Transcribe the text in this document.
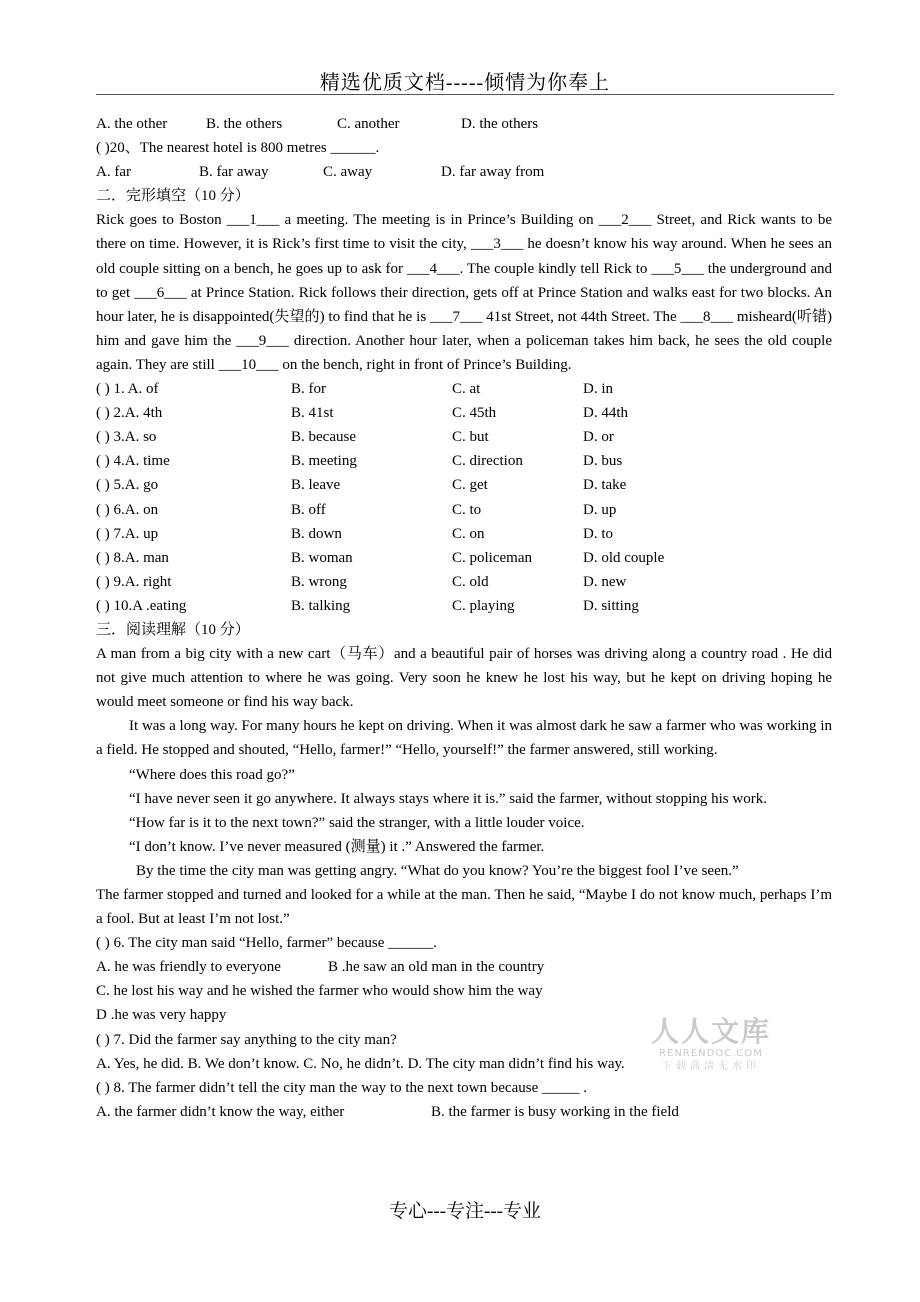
精选优质文档-----倾情为你奉上
A. the other	B. the others	C. another	D. the others
( )20、The nearest hotel is 800 metres ______.
A. far	B. far away	C. away	D. far away from
二．完形填空（10 分）

Rick goes to Boston ___1___ a meeting. The meeting is in Prince’s Building on ___2___ Street, and Rick wants to be there on time. However, it is Rick’s first time to visit the city, ___3___ he doesn’t know his way around. When he sees an old couple sitting on a bench, he goes up to ask for ___4___. The couple kindly tell Rick to ___5___ the underground and to get ___6___ at Prince Station. Rick follows their direction, gets off at Prince Station and walks east for two blocks. An hour later, he is disappointed(失望的) to find that he is ___7___ 41st Street, not 44th Street. The ___8___ misheard(听错) him and gave him the ___9___ direction. Another hour later, when a policeman takes him back, he sees the old couple again. They are still ___10___ on the bench, right in front of Prince’s Building.

( ) 1. A. of	B. for	C. at	D. in
( ) 2.A. 4th	B. 41st	C. 45th	D. 44th
( ) 3.A. so	B. because	C. but	D. or
( ) 4.A. time	B. meeting	C. direction	D. bus
( ) 5.A. go	B. leave	C. get	D. take
( ) 6.A. on	B. off	C. to	D. up
( ) 7.A. up	B. down	C. on	D. to
( ) 8.A. man	B. woman	C. policeman	D. old couple
( ) 9.A. right	B. wrong	C. old	D. new
( ) 10.A .eating	B. talking	C. playing	D. sitting
三．阅读理解（10 分）

A man from a big city with a new cart（马车）and a beautiful pair of horses was driving along a country road . He did not give much attention to where he was going. Very soon he knew he lost his way, but he kept on driving hoping he would meet someone or find his way back.

It was a long way. For many hours he kept on driving. When it was almost dark he saw a farmer who was working in a field. He stopped and shouted, “Hello, farmer!” “Hello, yourself!” the farmer answered, still working.

“Where does this road go?”
“I have never seen it go anywhere. It always stays where it is.” said the farmer, without stopping his work.
“How far is it to the next town?” said the stranger, with a little louder voice.
“I don’t know. I’ve never measured (测量) it .” Answered the farmer.
By the time the city man was getting angry. “What do you know? You’re the biggest fool I’ve seen.”

The farmer stopped and turned and looked for a while at the man. Then he said, “Maybe I do not know much, perhaps I’m a fool. But at least I’m not lost.”

( ) 6. The city man said “Hello, farmer” because ______.
A. he was friendly to everyone	B .he saw an old man in the country
C. he lost his way and he wished the farmer who would show him the way
D .he was very happy
( ) 7. Did the farmer say anything to the city man?
A. Yes, he did. B. We don’t know. C. No, he didn’t. D. The city man didn’t find his way.
( ) 8. The farmer didn’t tell the city man the way to the next town because _____ .
A. the farmer didn’t know the way, either	B. the farmer is busy working in the field
人人文库
RENRENDOC.COM
下载高清无水印
专心---专注---专业
